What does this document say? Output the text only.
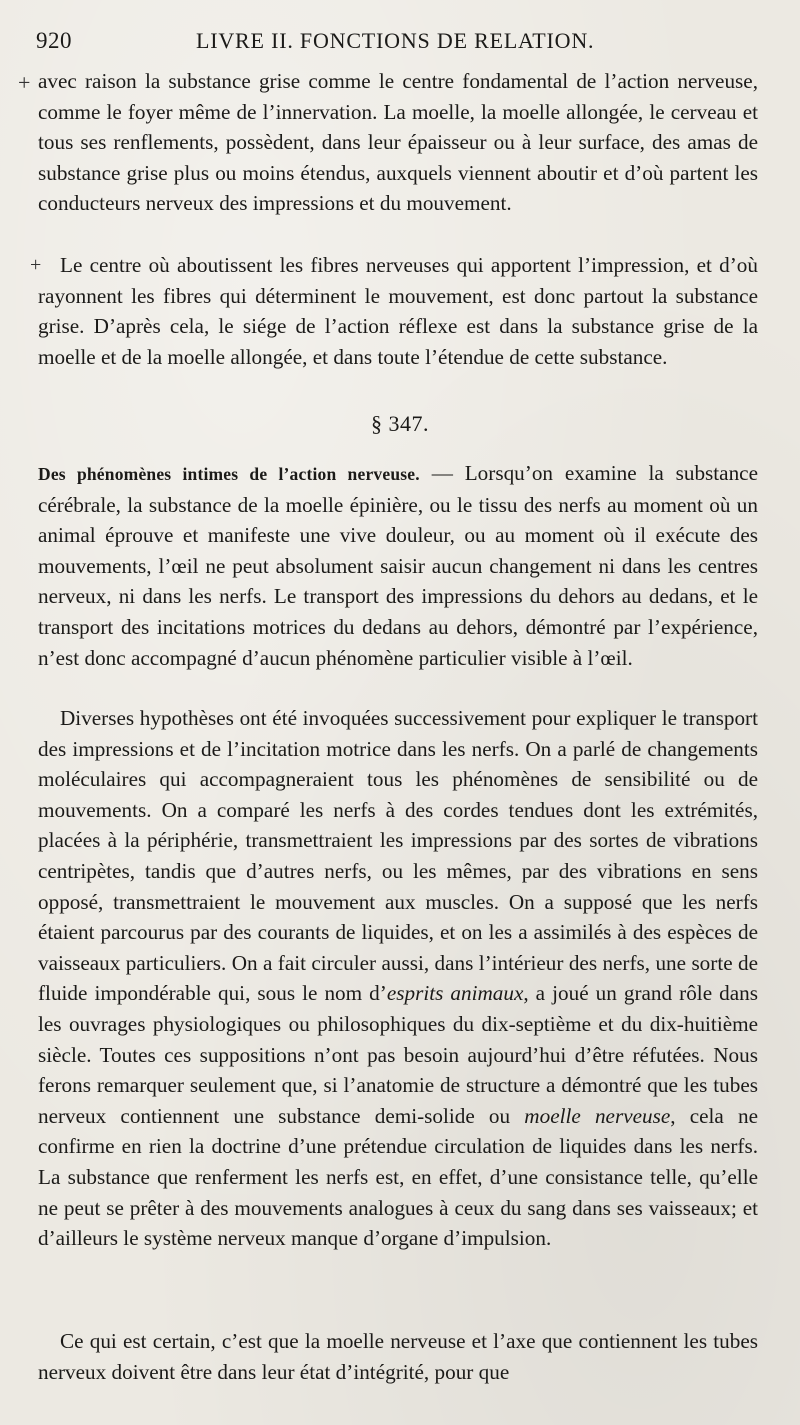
920	LIVRE II. FONCTIONS DE RELATION.
+
+

avec raison la substance grise comme le centre fondamental de l’action nerveuse, comme le foyer même de l’innervation. La moelle, la moelle allongée, le cerveau et tous ses renflements, possèdent, dans leur épaisseur ou à leur surface, des amas de substance grise plus ou moins étendus, auxquels viennent aboutir et d’où partent les conducteurs nerveux des impressions et du mouvement.

Le centre où aboutissent les fibres nerveuses qui apportent l’impression, et d’où rayonnent les fibres qui déterminent le mouvement, est donc partout la substance grise. D’après cela, le siége de l’action réflexe est dans la substance grise de la moelle et de la moelle allongée, et dans toute l’étendue de cette substance.

§ 347.

Des phénomènes intimes de l’action nerveuse. — Lorsqu’on examine la substance cérébrale, la substance de la moelle épinière, ou le tissu des nerfs au moment où un animal éprouve et manifeste une vive douleur, ou au moment où il exécute des mouvements, l’œil ne peut absolument saisir aucun changement ni dans les centres nerveux, ni dans les nerfs. Le transport des impressions du dehors au dedans, et le transport des incitations motrices du dedans au dehors, démontré par l’expérience, n’est donc accompagné d’aucun phénomène particulier visible à l’œil.

Diverses hypothèses ont été invoquées successivement pour expliquer le transport des impressions et de l’incitation motrice dans les nerfs. On a parlé de changements moléculaires qui accompagneraient tous les phénomènes de sensibilité ou de mouvements. On a comparé les nerfs à des cordes tendues dont les extrémités, placées à la périphérie, transmettraient les impressions par des sortes de vibrations centripètes, tandis que d’autres nerfs, ou les mêmes, par des vibrations en sens opposé, transmettraient le mouvement aux muscles. On a supposé que les nerfs étaient parcourus par des courants de liquides, et on les a assimilés à des espèces de vaisseaux particuliers. On a fait circuler aussi, dans l’intérieur des nerfs, une sorte de fluide impondérable qui, sous le nom d’esprits animaux, a joué un grand rôle dans les ouvrages physiologiques ou philosophiques du dix-septième et du dix-huitième siècle. Toutes ces suppositions n’ont pas besoin aujourd’hui d’être réfutées. Nous ferons remarquer seulement que, si l’anatomie de structure a démontré que les tubes nerveux contiennent une substance demi-solide ou moelle nerveuse, cela ne confirme en rien la doctrine d’une prétendue circulation de liquides dans les nerfs. La substance que renferment les nerfs est, en effet, d’une consistance telle, qu’elle ne peut se prêter à des mouvements analogues à ceux du sang dans ses vaisseaux; et d’ailleurs le système nerveux manque d’organe d’impulsion.

Ce qui est certain, c’est que la moelle nerveuse et l’axe que contiennent les tubes nerveux doivent être dans leur état d’intégrité, pour que
